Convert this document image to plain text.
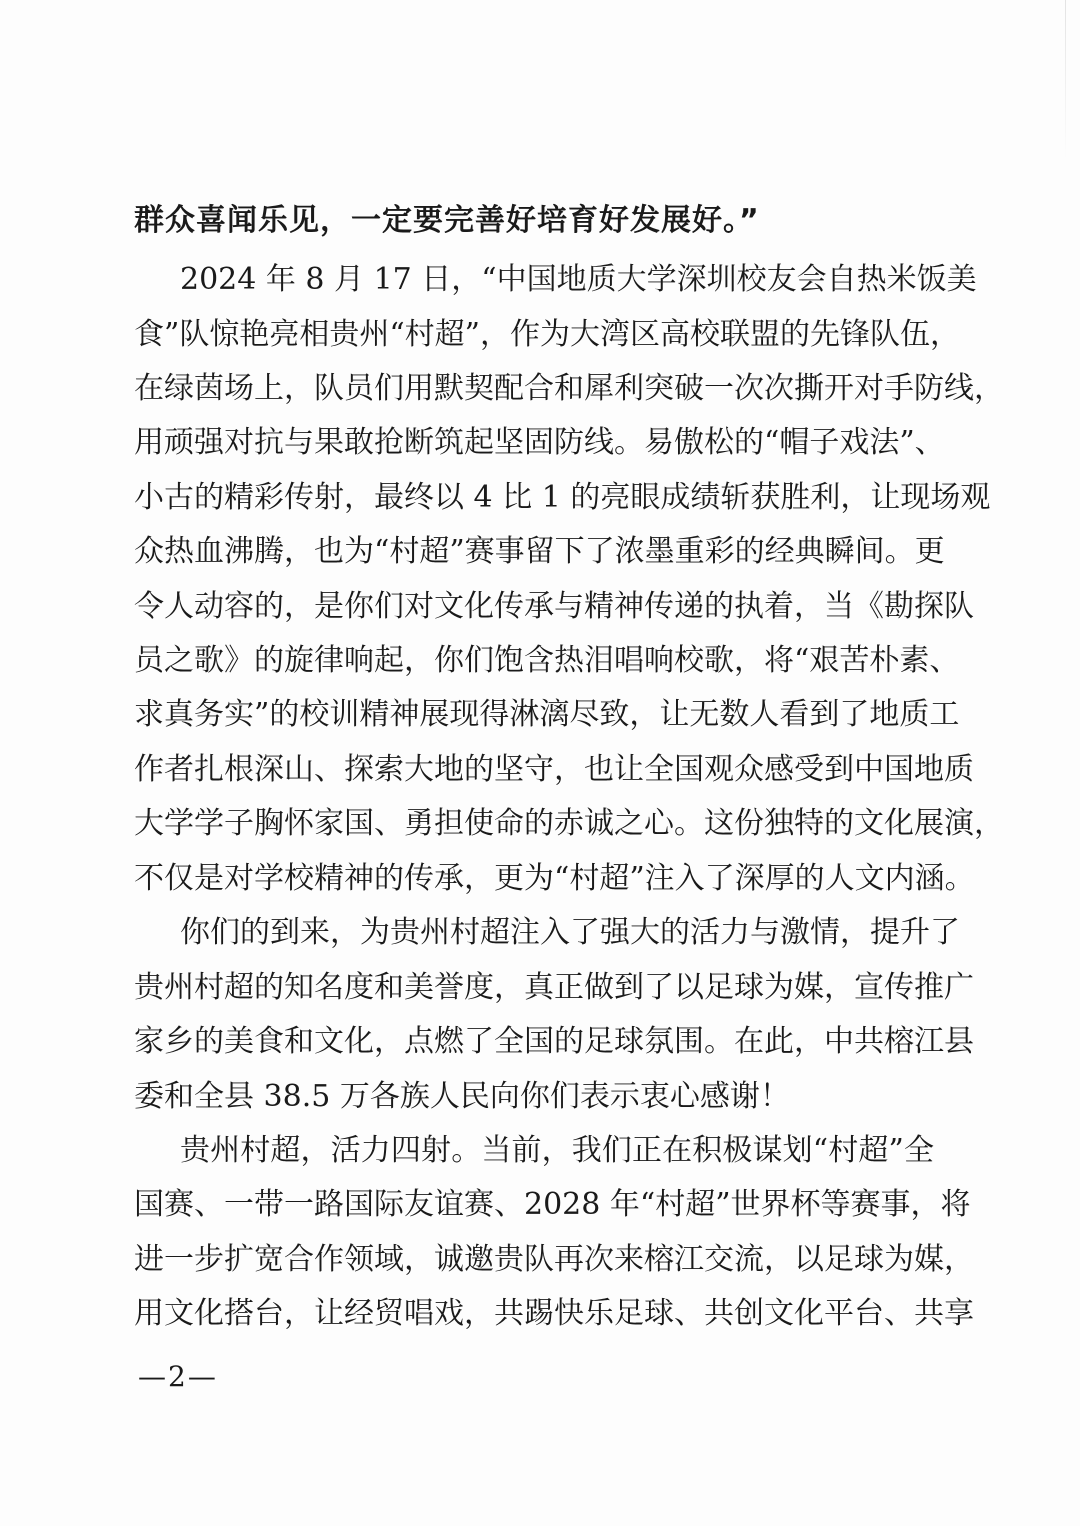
群众喜闻乐见，一定要完善好培育好发展好。”
2024 年 8 月 17 日，“中国地质大学深圳校友会自热米饭美
食”队惊艳亮相贵州“村超”，作为大湾区高校联盟的先锋队伍，
在绿茵场上，队员们用默契配合和犀利突破一次次撕开对手防线，
用顽强对抗与果敢抢断筑起坚固防线。易傲松的“帽子戏法”、
小古的精彩传射，最终以 4 比 1 的亮眼成绩斩获胜利，让现场观
众热血沸腾，也为“村超”赛事留下了浓墨重彩的经典瞬间。更
令人动容的，是你们对文化传承与精神传递的执着，当《勘探队
员之歌》的旋律响起，你们饱含热泪唱响校歌，将“艰苦朴素、
求真务实”的校训精神展现得淋漓尽致，让无数人看到了地质工
作者扎根深山、探索大地的坚守，也让全国观众感受到中国地质
大学学子胸怀家国、勇担使命的赤诚之心。这份独特的文化展演，
不仅是对学校精神的传承，更为“村超”注入了深厚的人文内涵。
你们的到来，为贵州村超注入了强大的活力与激情，提升了
贵州村超的知名度和美誉度，真正做到了以足球为媒，宣传推广
家乡的美食和文化，点燃了全国的足球氛围。在此，中共榕江县
委和全县 38.5 万各族人民向你们表示衷心感谢！
贵州村超，活力四射。当前，我们正在积极谋划“村超”全
国赛、一带一路国际友谊赛、2028 年“村超”世界杯等赛事，将
进一步扩宽合作领域，诚邀贵队再次来榕江交流，以足球为媒，
用文化搭台，让经贸唱戏，共踢快乐足球、共创文化平台、共享
—2—
